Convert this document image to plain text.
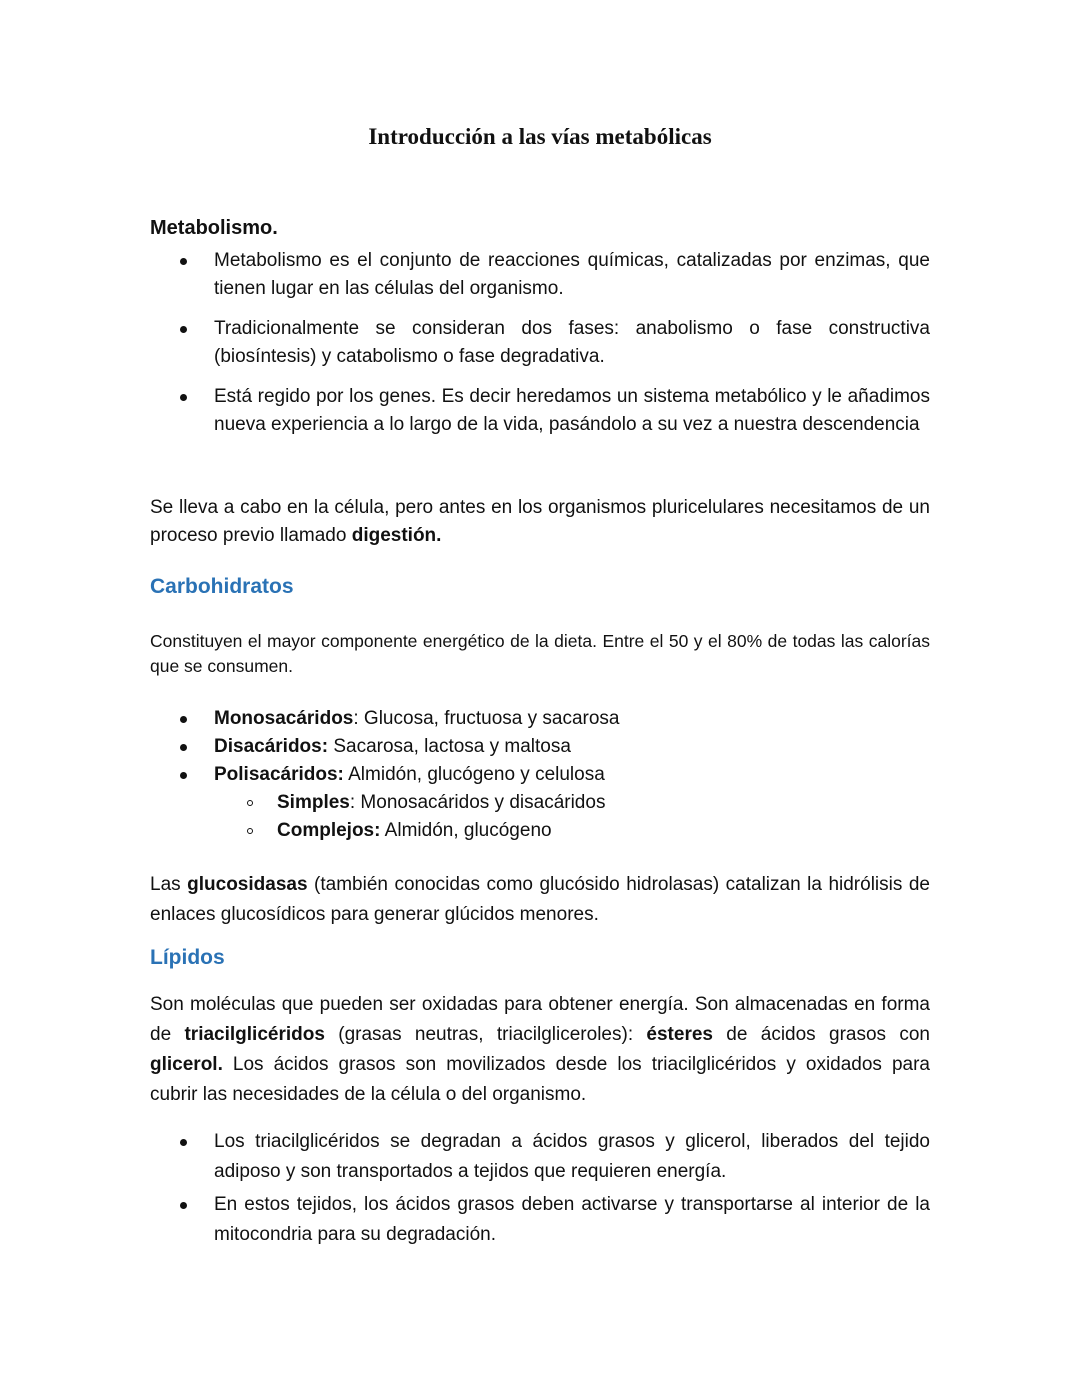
Introducción a las vías metabólicas
Metabolismo.
Metabolismo es el conjunto de reacciones químicas, catalizadas por enzimas, que tienen lugar en las células del organismo.
Tradicionalmente se consideran dos fases: anabolismo o fase constructiva (biosíntesis) y catabolismo o fase degradativa.
Está regido por los genes. Es decir heredamos un sistema metabólico y le añadimos nueva experiencia a lo largo de la vida, pasándolo a su vez a nuestra descendencia
Se lleva a cabo en la célula, pero antes en los organismos pluricelulares necesitamos de un proceso previo llamado digestión.
Carbohidratos
Constituyen el mayor componente energético de la dieta. Entre el 50 y el 80% de todas las calorías que se consumen.
Monosacáridos: Glucosa, fructuosa y sacarosa
Disacáridos: Sacarosa, lactosa y maltosa
Polisacáridos: Almidón, glucógeno y celulosa
Simples: Monosacáridos y disacáridos
Complejos: Almidón, glucógeno
Las glucosidasas (también conocidas como glucósido hidrolasas) catalizan la hidrólisis de enlaces glucosídicos para generar glúcidos menores.
Lípidos
Son moléculas que pueden ser oxidadas para obtener energía. Son almacenadas en forma de triacilglicéridos (grasas neutras, triacilgliceroles): ésteres de ácidos grasos con glicerol. Los ácidos grasos son movilizados desde los triacilglicéridos y oxidados para cubrir las necesidades de la célula o del organismo.
Los triacilglicéridos se degradan a ácidos grasos y glicerol, liberados del tejido adiposo y son transportados a tejidos que requieren energía.
En estos tejidos, los ácidos grasos deben activarse y transportarse al interior de la mitocondria para su degradación.
